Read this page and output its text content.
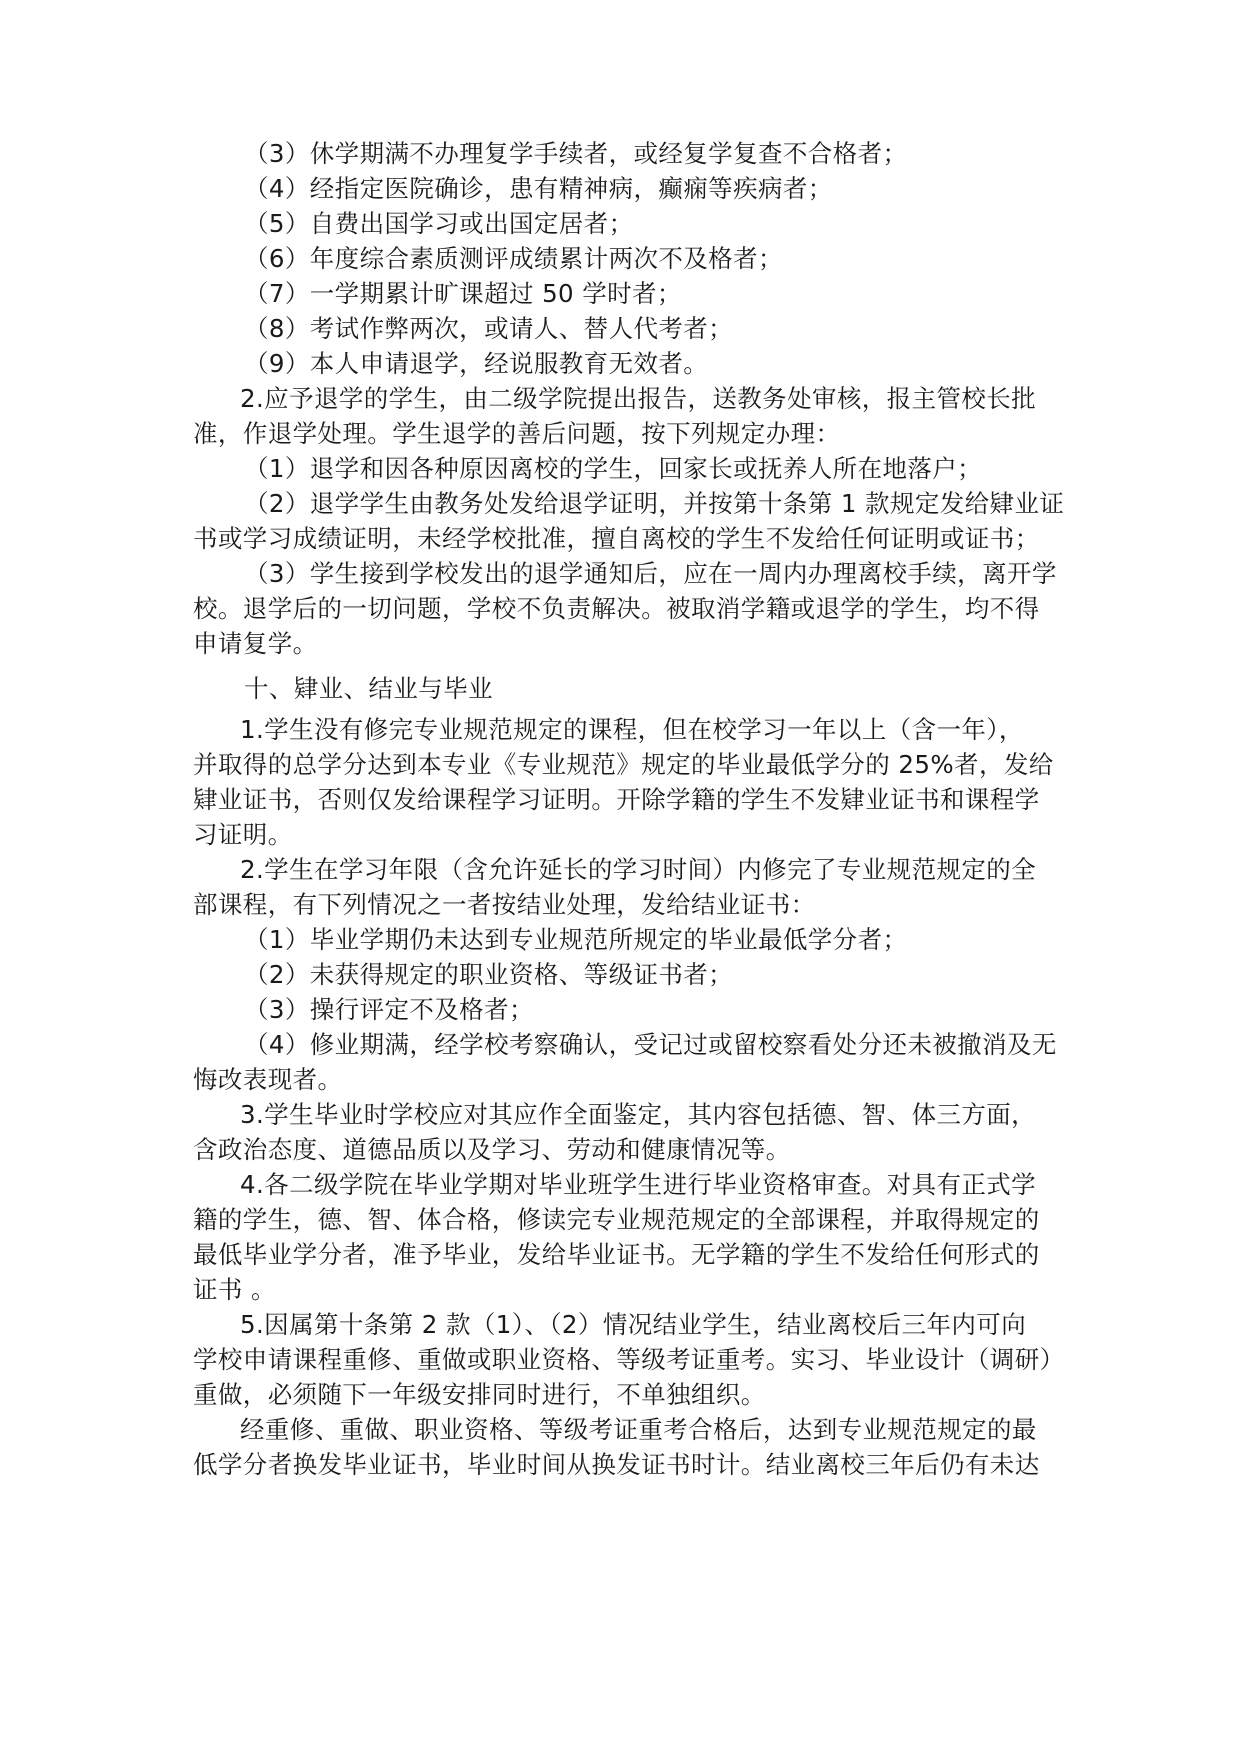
（3）休学期满不办理复学手续者，或经复学复查不合格者；
（4）经指定医院确诊，患有精神病，癫痫等疾病者；
（5）自费出国学习或出国定居者；
（6）年度综合素质测评成绩累计两次不及格者；
（7）一学期累计旷课超过 50 学时者；
（8）考试作弊两次，或请人、替人代考者；
（9）本人申请退学，经说服教育无效者。
2.应予退学的学生，由二级学院提出报告，送教务处审核，报主管校长批
准，作退学处理。学生退学的善后问题，按下列规定办理：
（1）退学和因各种原因离校的学生，回家长或抚养人所在地落户；
（2）退学学生由教务处发给退学证明，并按第十条第 1 款规定发给肄业证
书或学习成绩证明，未经学校批准，擅自离校的学生不发给任何证明或证书；
（3）学生接到学校发出的退学通知后，应在一周内办理离校手续，离开学
校。退学后的一切问题，学校不负责解决。被取消学籍或退学的学生，均不得
申请复学。
十、肄业、结业与毕业
1.学生没有修完专业规范规定的课程，但在校学习一年以上（含一年），
并取得的总学分达到本专业《专业规范》规定的毕业最低学分的 25%者，发给
肄业证书，否则仅发给课程学习证明。开除学籍的学生不发肄业证书和课程学
习证明。
2.学生在学习年限（含允许延长的学习时间）内修完了专业规范规定的全
部课程，有下列情况之一者按结业处理，发给结业证书：
（1）毕业学期仍未达到专业规范所规定的毕业最低学分者；
（2）未获得规定的职业资格、等级证书者；
（3）操行评定不及格者；
（4）修业期满，经学校考察确认，受记过或留校察看处分还未被撤消及无
悔改表现者。
3.学生毕业时学校应对其应作全面鉴定，其内容包括德、智、体三方面，
含政治态度、道德品质以及学习、劳动和健康情况等。
4.各二级学院在毕业学期对毕业班学生进行毕业资格审查。对具有正式学
籍的学生，德、智、体合格，修读完专业规范规定的全部课程，并取得规定的
最低毕业学分者，准予毕业，发给毕业证书。无学籍的学生不发给任何形式的
证书 。
5.因属第十条第 2 款（1）、（2）情况结业学生，结业离校后三年内可向
学校申请课程重修、重做或职业资格、等级考证重考。实习、毕业设计（调研）
重做，必须随下一年级安排同时进行，不单独组织。
经重修、重做、职业资格、等级考证重考合格后，达到专业规范规定的最
低学分者换发毕业证书，毕业时间从换发证书时计。结业离校三年后仍有未达
